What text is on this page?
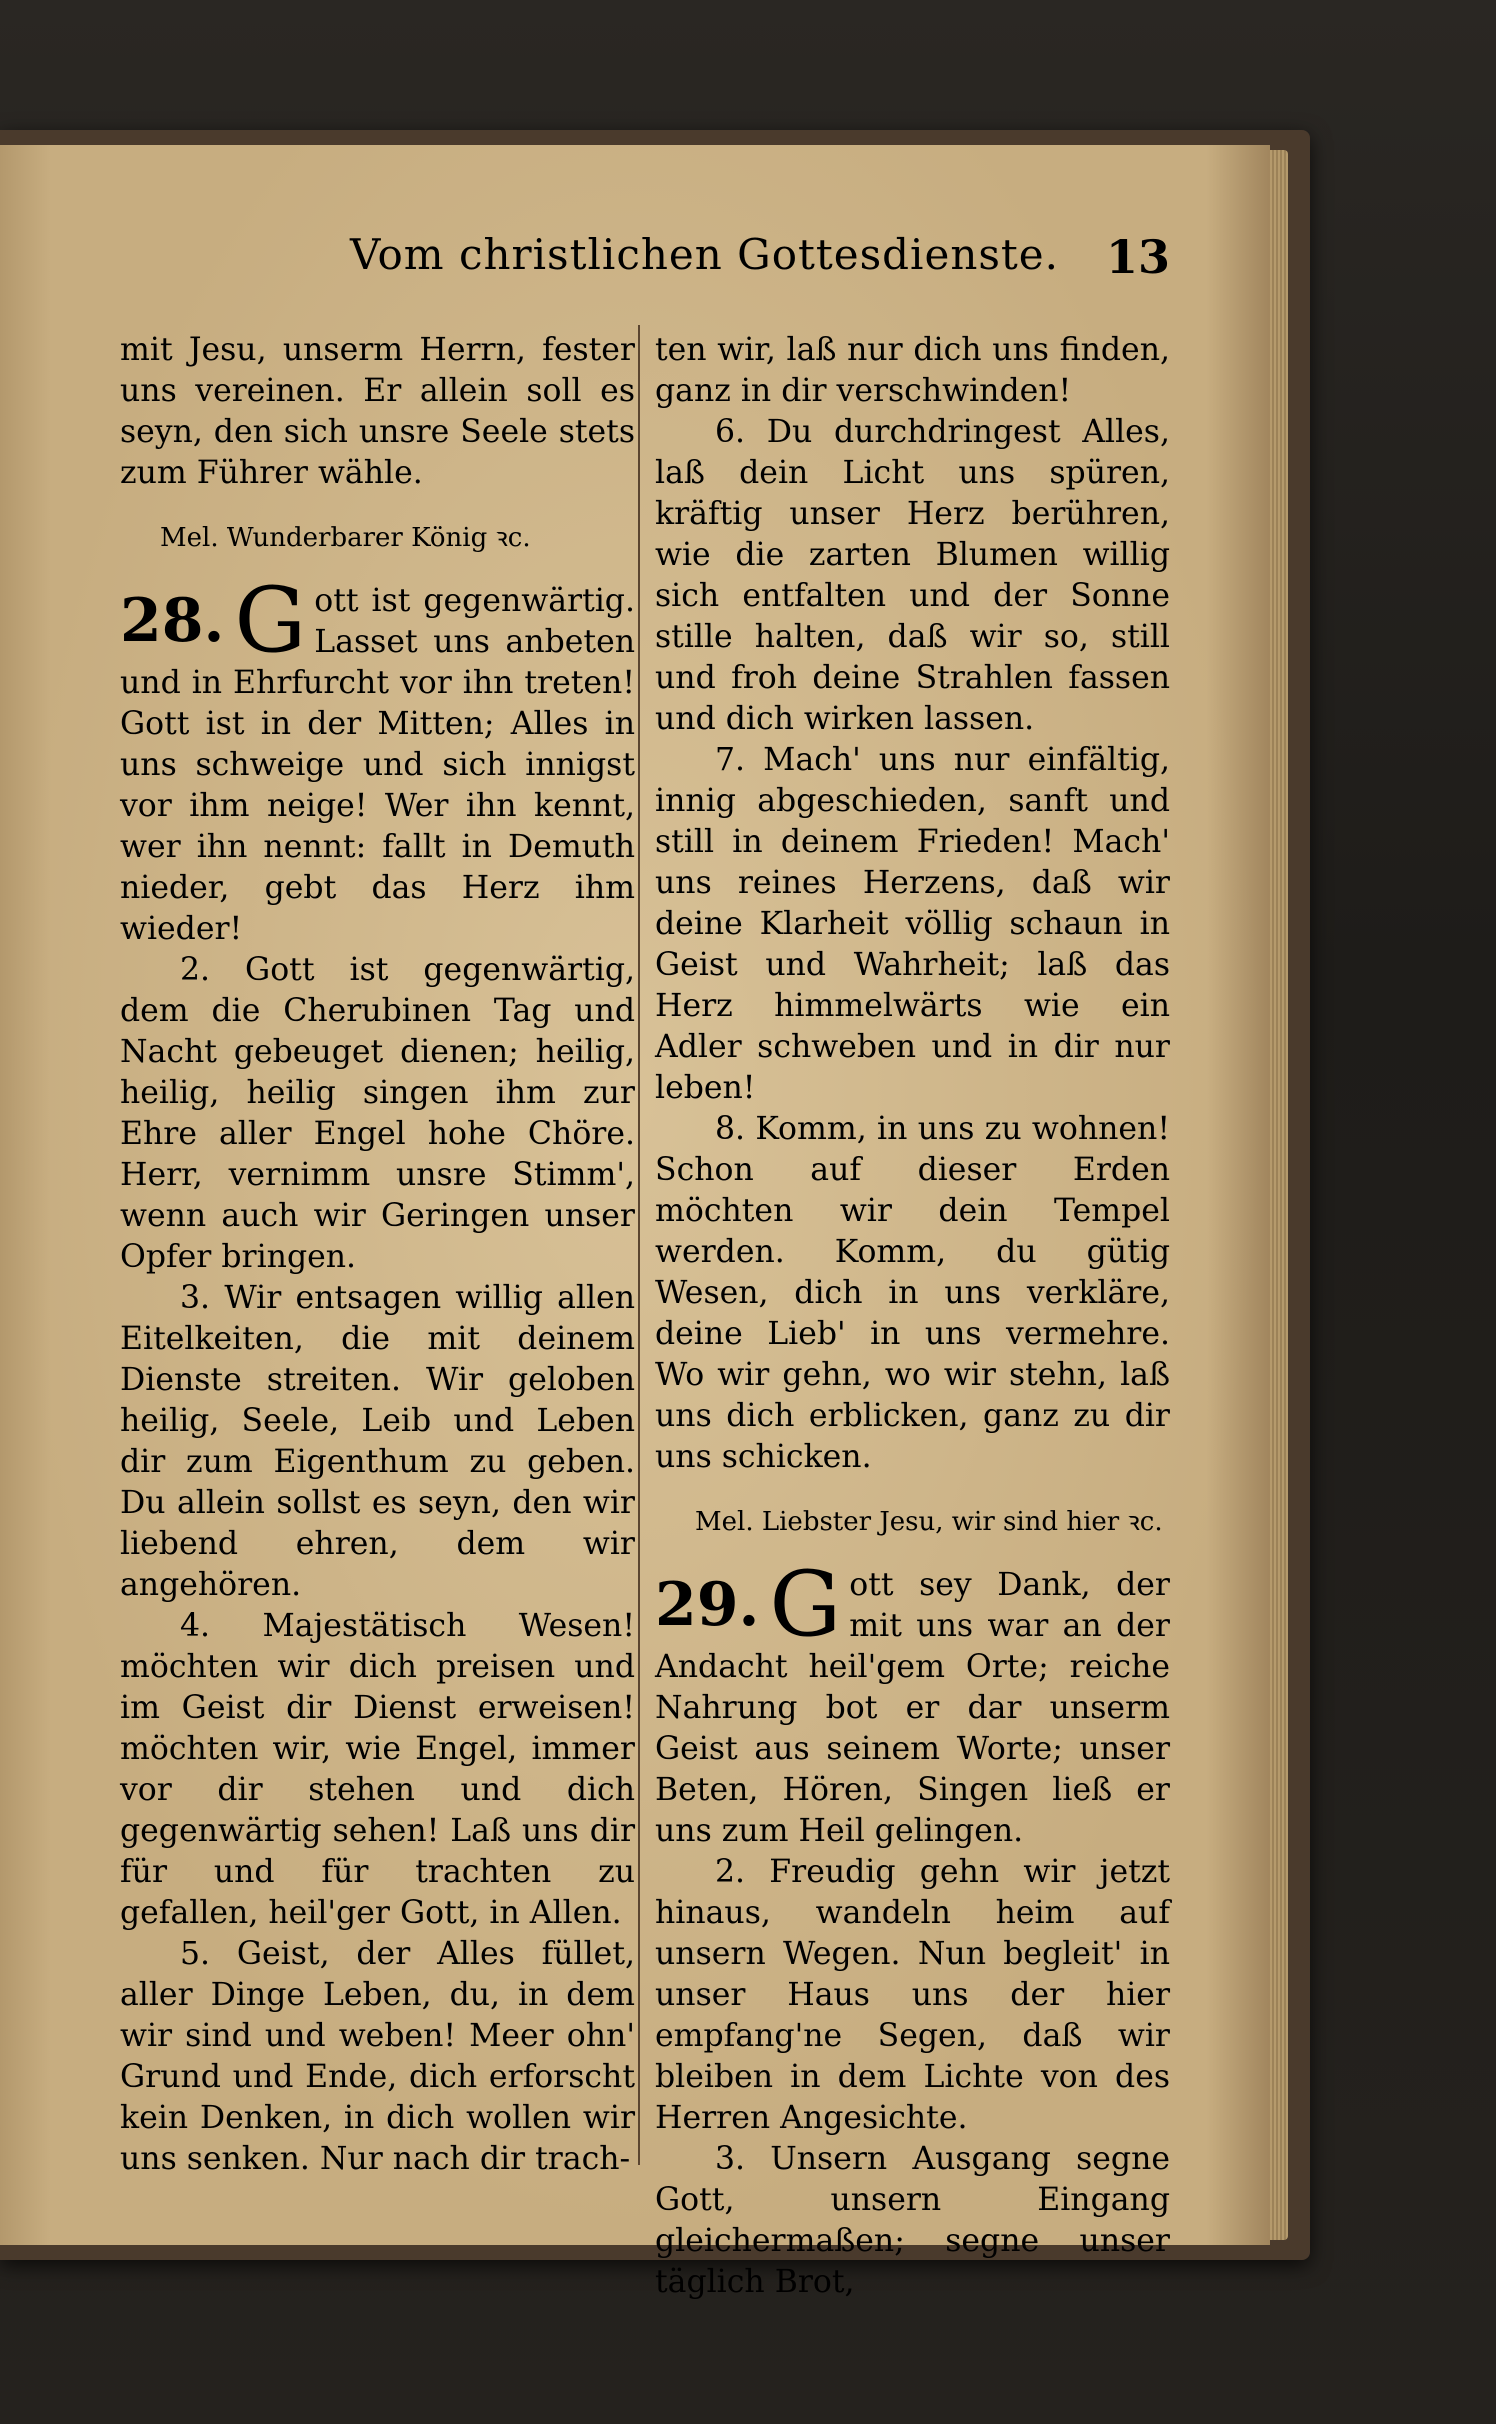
Vom christlichen Gottesdienste. 13

mit Jesu, unserm Herrn, fester uns vereinen. Er allein soll es seyn, den sich unsre Seele stets zum Führer wähle.

Mel. Wunderbarer König ꝛc.

28. G ott ist gegenwärtig. Lasset uns anbeten und in Ehrfurcht vor ihn treten! Gott ist in der Mitten; Alles in uns schweige und sich innigst vor ihm neige! Wer ihn kennt, wer ihn nennt: fallt in Demuth nieder, gebt das Herz ihm wieder!

2. Gott ist gegenwärtig, dem die Cherubinen Tag und Nacht gebeuget dienen; heilig, heilig, heilig singen ihm zur Ehre aller Engel hohe Chöre. Herr, vernimm unsre Stimm', wenn auch wir Geringen unser Opfer bringen.

3. Wir entsagen willig allen Eitelkeiten, die mit deinem Dienste streiten. Wir geloben heilig, Seele, Leib und Leben dir zum Eigenthum zu geben. Du allein sollst es seyn, den wir liebend ehren, dem wir angehören.

4. Majestätisch Wesen! möchten wir dich preisen und im Geist dir Dienst erweisen! möchten wir, wie Engel, immer vor dir stehen und dich gegenwärtig sehen! Laß uns dir für und für trachten zu gefallen, heil'ger Gott, in Allen.

5. Geist, der Alles füllet, aller Dinge Leben, du, in dem wir sind und weben! Meer ohn' Grund und Ende, dich erforscht kein Denken, in dich wollen wir uns senken. Nur nach dir trach-

ten wir, laß nur dich uns finden, ganz in dir verschwinden!

6. Du durchdringest Alles, laß dein Licht uns spüren, kräftig unser Herz berühren, wie die zarten Blumen willig sich entfalten und der Sonne stille halten, daß wir so, still und froh deine Strahlen fassen und dich wirken lassen.

7. Mach' uns nur einfältig, innig abgeschieden, sanft und still in deinem Frieden! Mach' uns reines Herzens, daß wir deine Klarheit völlig schaun in Geist und Wahrheit; laß das Herz himmelwärts wie ein Adler schweben und in dir nur leben!

8. Komm, in uns zu wohnen! Schon auf dieser Erden möchten wir dein Tempel werden. Komm, du gütig Wesen, dich in uns verkläre, deine Lieb' in uns vermehre. Wo wir gehn, wo wir stehn, laß uns dich erblicken, ganz zu dir uns schicken.

Mel. Liebster Jesu, wir sind hier ꝛc.

29. G ott sey Dank, der mit uns war an der Andacht heil'gem Orte; reiche Nahrung bot er dar unserm Geist aus seinem Worte; unser Beten, Hören, Singen ließ er uns zum Heil gelingen.

2. Freudig gehn wir jetzt hinaus, wandeln heim auf unsern Wegen. Nun begleit' in unser Haus uns der hier empfang'ne Segen, daß wir bleiben in dem Lichte von des Herren Angesichte.

3. Unsern Ausgang segne Gott, unsern Eingang gleichermaßen; segne unser täglich Brot,
